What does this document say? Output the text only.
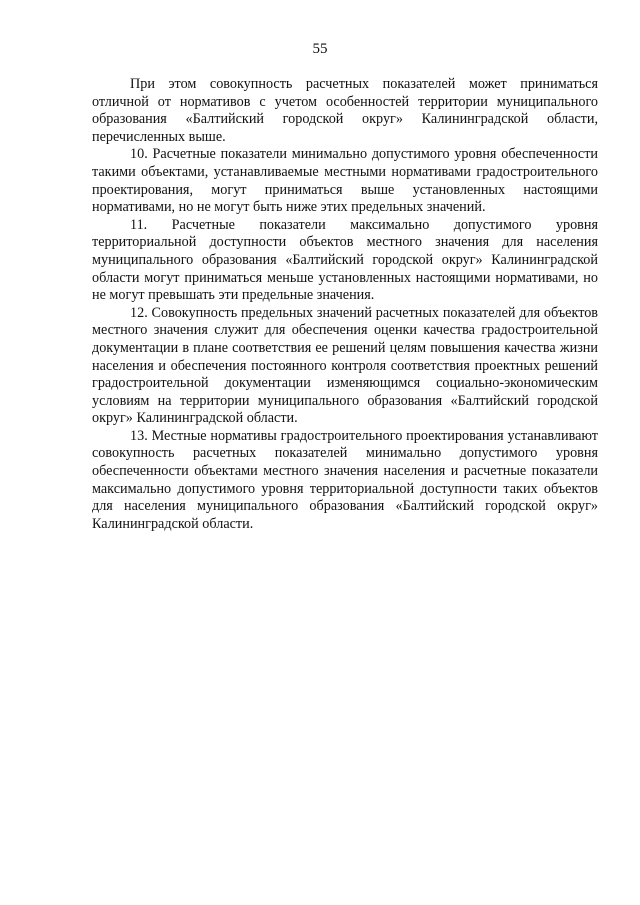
55

При этом совокупность расчетных показателей может приниматься отличной от нормативов с учетом особенностей территории муниципального образования «Балтийский городской округ» Калининградской области, перечисленных выше.

10. Расчетные показатели минимально допустимого уровня обеспеченности такими объектами, устанавливаемые местными нормативами градостроительного проектирования, могут приниматься выше установленных настоящими нормативами, но не могут быть ниже этих предельных значений.

11. Расчетные показатели максимально допустимого уровня территориальной доступности объектов местного значения для населения муниципального образования «Балтийский городской округ» Калининградской области могут приниматься меньше установленных настоящими нормативами, но не могут превышать эти предельные значения.

12. Совокупность предельных значений расчетных показателей для объектов местного значения служит для обеспечения оценки качества градостроительной документации в плане соответствия ее решений целям повышения качества жизни населения и обеспечения постоянного контроля соответствия проектных решений градостроительной документации изменяющимся социально-экономическим условиям на территории муниципального образования «Балтийский городской округ» Калининградской области.

13. Местные нормативы градостроительного проектирования устанавливают совокупность расчетных показателей минимально допустимого уровня обеспеченности объектами местного значения населения и расчетные показатели максимально допустимого уровня территориальной доступности таких объектов для населения муниципального образования «Балтийский городской округ» Калининградской области.
